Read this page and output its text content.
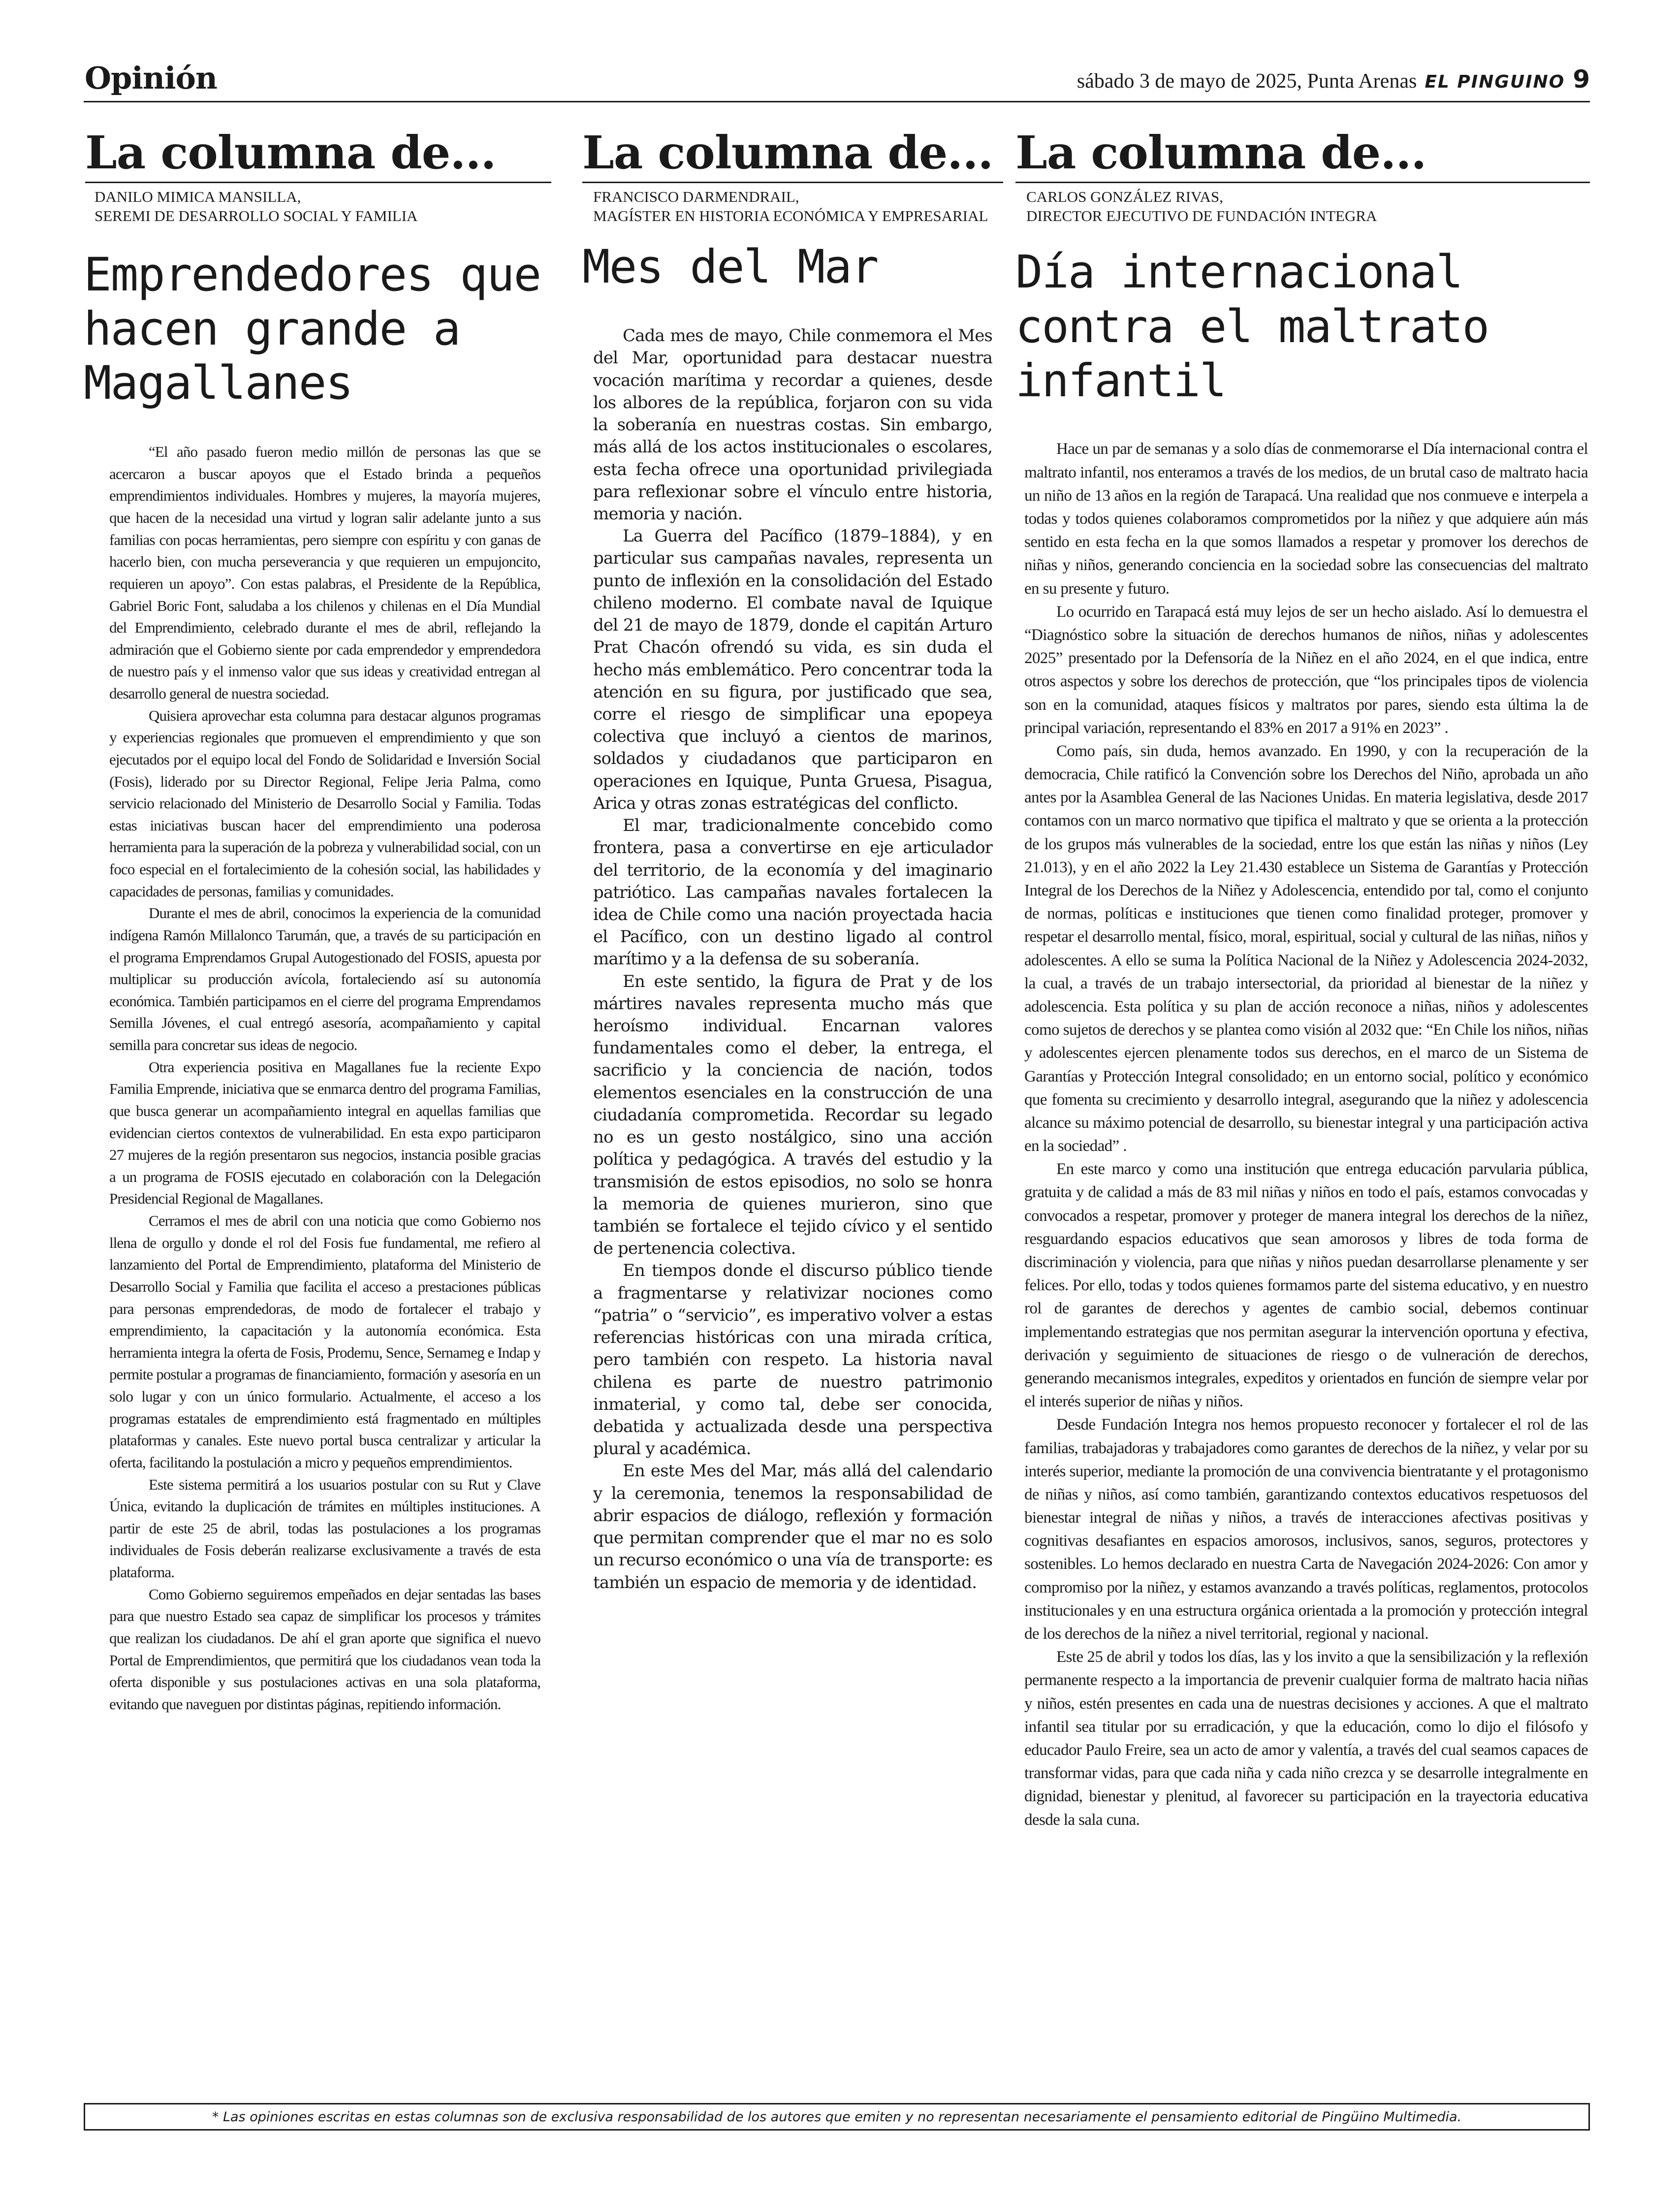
Opinión	sábado 3 de mayo de 2025, Punta Arenas EL PINGUINO 9
La columna de...
DANILO MIMICA MANSILLA,
SEREMI DE DESARROLLO SOCIAL Y FAMILIA
Emprendedores que hacen grande a Magallanes

“El año pasado fueron medio millón de personas las que se acercaron a buscar apoyos que el Estado brinda a pequeños emprendimientos individuales. Hombres y mujeres, la mayoría mujeres, que hacen de la necesidad una virtud y logran salir adelante junto a sus familias con pocas herramientas, pero siempre con espíritu y con ganas de hacerlo bien, con mucha perseverancia y que requieren un empujoncito, requieren un apoyo”. Con estas palabras, el Presidente de la República, Gabriel Boric Font, saludaba a los chilenos y chilenas en el Día Mundial del Emprendimiento, celebrado durante el mes de abril, reflejando la admiración que el Gobierno siente por cada emprendedor y emprendedora de nuestro país y el inmenso valor que sus ideas y creatividad entregan al desarrollo general de nuestra sociedad.

Quisiera aprovechar esta columna para destacar algunos programas y experiencias regionales que promueven el emprendimiento y que son ejecutados por el equipo local del Fondo de Solidaridad e Inversión Social (Fosis), liderado por su Director Regional, Felipe Jeria Palma, como servicio relacionado del Ministerio de Desarrollo Social y Familia. Todas estas iniciativas buscan hacer del emprendimiento una poderosa herramienta para la superación de la pobreza y vulnerabilidad social, con un foco especial en el fortalecimiento de la cohesión social, las habilidades y capacidades de personas, familias y comunidades.

Durante el mes de abril, conocimos la experiencia de la comunidad indígena Ramón Millalonco Tarumán, que, a través de su participación en el programa Emprendamos Grupal Autogestionado del FOSIS, apuesta por multiplicar su producción avícola, fortaleciendo así su autonomía económica. También participamos en el cierre del programa Emprendamos Semilla Jóvenes, el cual entregó asesoría, acompañamiento y capital semilla para concretar sus ideas de negocio.

Otra experiencia positiva en Magallanes fue la reciente Expo Familia Emprende, iniciativa que se enmarca dentro del programa Familias, que busca generar un acompañamiento integral en aquellas familias que evidencian ciertos contextos de vulnerabilidad. En esta expo participaron 27 mujeres de la región presentaron sus negocios, instancia posible gracias a un programa de FOSIS ejecutado en colaboración con la Delegación Presidencial Regional de Magallanes.

Cerramos el mes de abril con una noticia que como Gobierno nos llena de orgullo y donde el rol del Fosis fue fundamental, me refiero al lanzamiento del Portal de Emprendimiento, plataforma del Ministerio de Desarrollo Social y Familia que facilita el acceso a prestaciones públicas para personas emprendedoras, de modo de fortalecer el trabajo y emprendimiento, la capacitación y la autonomía económica. Esta herramienta integra la oferta de Fosis, Prodemu, Sence, Sernameg e Indap y permite postular a programas de financiamiento, formación y asesoría en un solo lugar y con un único formulario. Actualmente, el acceso a los programas estatales de emprendimiento está fragmentado en múltiples plataformas y canales. Este nuevo portal busca centralizar y articular la oferta, facilitando la postulación a micro y pequeños emprendimientos.

Este sistema permitirá a los usuarios postular con su Rut y Clave Única, evitando la duplicación de trámites en múltiples instituciones. A partir de este 25 de abril, todas las postulaciones a los programas individuales de Fosis deberán realizarse exclusivamente a través de esta plataforma.

Como Gobierno seguiremos empeñados en dejar sentadas las bases para que nuestro Estado sea capaz de simplificar los procesos y trámites que realizan los ciudadanos. De ahí el gran aporte que significa el nuevo Portal de Emprendimientos, que permitirá que los ciudadanos vean toda la oferta disponible y sus postulaciones activas en una sola plataforma, evitando que naveguen por distintas páginas, repitiendo información.

La columna de...
FRANCISCO DARMENDRAIL,
MAGÍSTER EN HISTORIA ECONÓMICA Y EMPRESARIAL
Mes del Mar

Cada mes de mayo, Chile conmemora el Mes del Mar, oportunidad para destacar nuestra vocación marítima y recordar a quienes, desde los albores de la república, forjaron con su vida la soberanía en nuestras costas. Sin embargo, más allá de los actos institucionales o escolares, esta fecha ofrece una oportunidad privilegiada para reflexionar sobre el vínculo entre historia, memoria y nación.

La Guerra del Pacífico (1879–1884), y en particular sus campañas navales, representa un punto de inflexión en la consolidación del Estado chileno moderno. El combate naval de Iquique del 21 de mayo de 1879, donde el capitán Arturo Prat Chacón ofrendó su vida, es sin duda el hecho más emblemático. Pero concentrar toda la atención en su figura, por justificado que sea, corre el riesgo de simplificar una epopeya colectiva que incluyó a cientos de marinos, soldados y ciudadanos que participaron en operaciones en Iquique, Punta Gruesa, Pisagua, Arica y otras zonas estratégicas del conflicto.

El mar, tradicionalmente concebido como frontera, pasa a convertirse en eje articulador del territorio, de la economía y del imaginario patriótico. Las campañas navales fortalecen la idea de Chile como una nación proyectada hacia el Pacífico, con un destino ligado al control marítimo y a la defensa de su soberanía.

En este sentido, la figura de Prat y de los mártires navales representa mucho más que heroísmo individual. Encarnan valores fundamentales como el deber, la entrega, el sacrificio y la conciencia de nación, todos elementos esenciales en la construcción de una ciudadanía comprometida. Recordar su legado no es un gesto nostálgico, sino una acción política y pedagógica. A través del estudio y la transmisión de estos episodios, no solo se honra la memoria de quienes murieron, sino que también se fortalece el tejido cívico y el sentido de pertenencia colectiva.

En tiempos donde el discurso público tiende a fragmentarse y relativizar nociones como “patria” o “servicio”, es imperativo volver a estas referencias históricas con una mirada crítica, pero también con respeto. La historia naval chilena es parte de nuestro patrimonio inmaterial, y como tal, debe ser conocida, debatida y actualizada desde una perspectiva plural y académica.

En este Mes del Mar, más allá del calendario y la ceremonia, tenemos la responsabilidad de abrir espacios de diálogo, reflexión y formación que permitan comprender que el mar no es solo un recurso económico o una vía de transporte: es también un espacio de memoria y de identidad.

La columna de...
CARLOS GONZÁLEZ RIVAS,
DIRECTOR EJECUTIVO DE FUNDACIÓN INTEGRA
Día internacional contra el maltrato infantil

Hace un par de semanas y a solo días de conmemorarse el Día internacional contra el maltrato infantil, nos enteramos a través de los medios, de un brutal caso de maltrato hacia un niño de 13 años en la región de Tarapacá. Una realidad que nos conmueve e interpela a todas y todos quienes colaboramos comprometidos por la niñez y que adquiere aún más sentido en esta fecha en la que somos llamados a respetar y promover los derechos de niñas y niños, generando conciencia en la sociedad sobre las consecuencias del maltrato en su presente y futuro.

Lo ocurrido en Tarapacá está muy lejos de ser un hecho aislado. Así lo demuestra el “Diagnóstico sobre la situación de derechos humanos de niños, niñas y adolescentes 2025” presentado por la Defensoría de la Niñez en el año 2024, en el que indica, entre otros aspectos y sobre los derechos de protección, que “los principales tipos de violencia son en la comunidad, ataques físicos y maltratos por pares, siendo esta última la de principal variación, representando el 83% en 2017 a 91% en 2023” .

Como país, sin duda, hemos avanzado. En 1990, y con la recuperación de la democracia, Chile ratificó la Convención sobre los Derechos del Niño, aprobada un año antes por la Asamblea General de las Naciones Unidas. En materia legislativa, desde 2017 contamos con un marco normativo que tipifica el maltrato y que se orienta a la protección de los grupos más vulnerables de la sociedad, entre los que están las niñas y niños (Ley 21.013), y en el año 2022 la Ley 21.430 establece un Sistema de Garantías y Protección Integral de los Derechos de la Niñez y Adolescencia, entendido por tal, como el conjunto de normas, políticas e instituciones que tienen como finalidad proteger, promover y respetar el desarrollo mental, físico, moral, espiritual, social y cultural de las niñas, niños y adolescentes. A ello se suma la Política Nacional de la Niñez y Adolescencia 2024-2032, la cual, a través de un trabajo intersectorial, da prioridad al bienestar de la niñez y adolescencia. Esta política y su plan de acción reconoce a niñas, niños y adolescentes como sujetos de derechos y se plantea como visión al 2032 que: “En Chile los niños, niñas y adolescentes ejercen plenamente todos sus derechos, en el marco de un Sistema de Garantías y Protección Integral consolidado; en un entorno social, político y económico que fomenta su crecimiento y desarrollo integral, asegurando que la niñez y adolescencia alcance su máximo potencial de desarrollo, su bienestar integral y una participación activa en la sociedad” .

En este marco y como una institución que entrega educación parvularia pública, gratuita y de calidad a más de 83 mil niñas y niños en todo el país, estamos convocadas y convocados a respetar, promover y proteger de manera integral los derechos de la niñez, resguardando espacios educativos que sean amorosos y libres de toda forma de discriminación y violencia, para que niñas y niños puedan desarrollarse plenamente y ser felices. Por ello, todas y todos quienes formamos parte del sistema educativo, y en nuestro rol de garantes de derechos y agentes de cambio social, debemos continuar implementando estrategias que nos permitan asegurar la intervención oportuna y efectiva, derivación y seguimiento de situaciones de riesgo o de vulneración de derechos, generando mecanismos integrales, expeditos y orientados en función de siempre velar por el interés superior de niñas y niños.

Desde Fundación Integra nos hemos propuesto reconocer y fortalecer el rol de las familias, trabajadoras y trabajadores como garantes de derechos de la niñez, y velar por su interés superior, mediante la promoción de una convivencia bientratante y el protagonismo de niñas y niños, así como también, garantizando contextos educativos respetuosos del bienestar integral de niñas y niños, a través de interacciones afectivas positivas y cognitivas desafiantes en espacios amorosos, inclusivos, sanos, seguros, protectores y sostenibles. Lo hemos declarado en nuestra Carta de Navegación 2024-2026: Con amor y compromiso por la niñez, y estamos avanzando a través políticas, reglamentos, protocolos institucionales y en una estructura orgánica orientada a la promoción y protección integral de los derechos de la niñez a nivel territorial, regional y nacional.

Este 25 de abril y todos los días, las y los invito a que la sensibilización y la reflexión permanente respecto a la importancia de prevenir cualquier forma de maltrato hacia niñas y niños, estén presentes en cada una de nuestras decisiones y acciones. A que el maltrato infantil sea titular por su erradicación, y que la educación, como lo dijo el filósofo y educador Paulo Freire, sea un acto de amor y valentía, a través del cual seamos capaces de transformar vidas, para que cada niña y cada niño crezca y se desarrolle integralmente en dignidad, bienestar y plenitud, al favorecer su participación en la trayectoria educativa desde la sala cuna.

* Las opiniones escritas en estas columnas son de exclusiva responsabilidad de los autores que emiten y no representan necesariamente el pensamiento editorial de Pingüino Multimedia.
